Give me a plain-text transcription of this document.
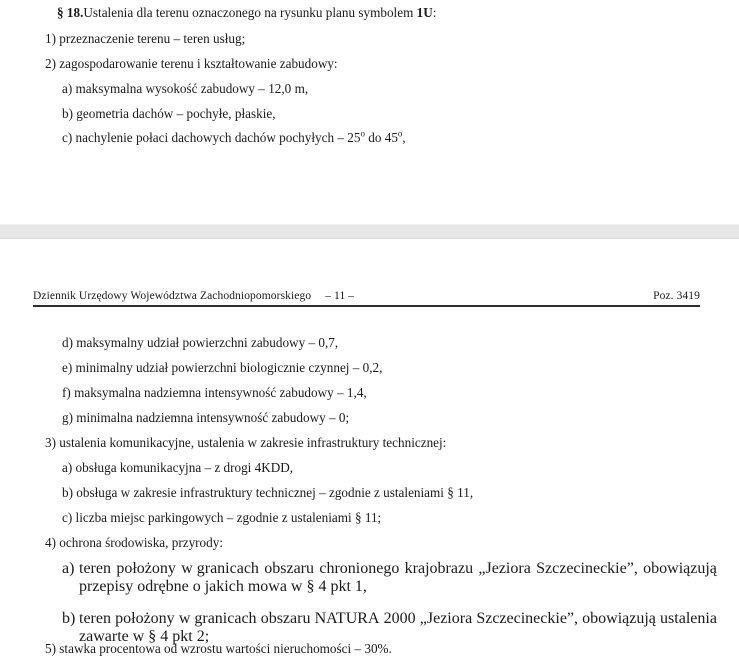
§ 18.Ustalenia dla terenu oznaczonego na rysunku planu symbolem 1U:
1) przeznaczenie terenu – teren usług;
2) zagospodarowanie terenu i kształtowanie zabudowy:
a) maksymalna wysokość zabudowy – 12,0 m,
b) geometria dachów – pochyłe, płaskie,
c) nachylenie połaci dachowych dachów pochyłych – 25$^o$ do 45$^o$,
Dziennik Urzędowy Województwa Zachodniopomorskiego – 11 –	Poz. 3419
d) maksymalny udział powierzchni zabudowy – 0,7,
e) minimalny udział powierzchni biologicznie czynnej – 0,2,
f) maksymalna nadziemna intensywność zabudowy – 1,4,
g) minimalna nadziemna intensywność zabudowy – 0;
3) ustalenia komunikacyjne, ustalenia w zakresie infrastruktury technicznej:
a) obsługa komunikacyjna – z drogi 4KDD,
b) obsługa w zakresie infrastruktury technicznej – zgodnie z ustaleniami § 11,
c) liczba miejsc parkingowych – zgodnie z ustaleniami § 11;
4) ochrona środowiska, przyrody:
a) teren położony w granicach obszaru chronionego krajobrazu „Jeziora Szczecineckie”, obowiązują
przepisy odrębne o jakich mowa w § 4 pkt 1,
b) teren położony w granicach obszaru NATURA 2000 „Jeziora Szczecineckie”, obowiązują ustalenia
zawarte w § 4 pkt 2;
5) stawka procentowa od wzrostu wartości nieruchomości – 30%.
